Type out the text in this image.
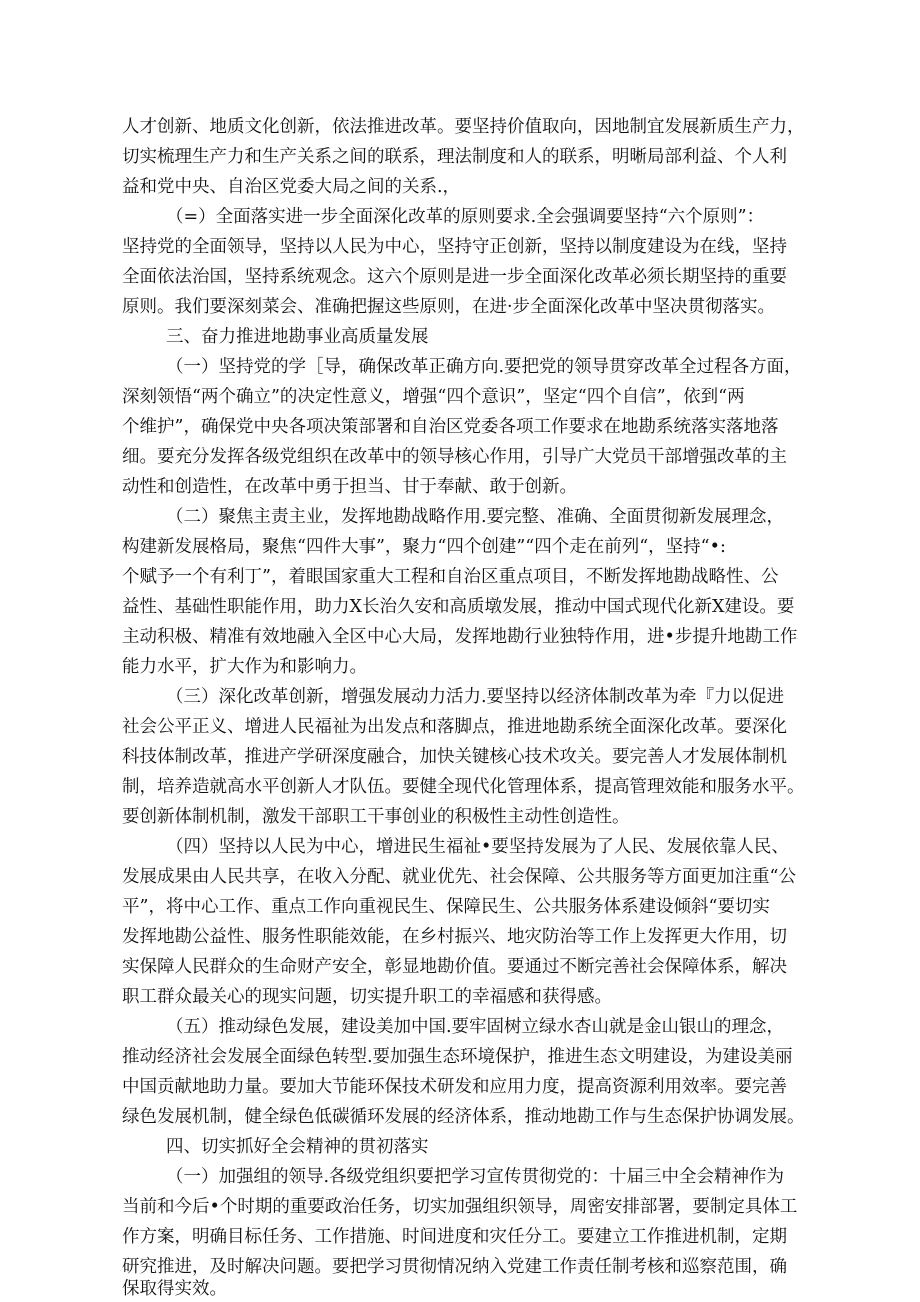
人才创新、地质文化创新，依法推进改革。要坚持价值取向，因地制宜发展新质生产力，
切实梳理生产力和生产关系之间的联系，理法制度和人的联系，明晰局部利益、个人利
益和党中央、自治区党委大局之间的关系.，
（=）全面落实进一步全面深化改革的原则要求.全会强调要坚持“六个原则”：
坚持党的全面领导，坚持以人民为中心，坚持守正创新，坚持以制度建设为在线，坚持
全面依法治国，坚持系统观念。这六个原则是进一步全面深化改革必须长期坚持的重要
原则。我们要深刻菜会、准确把握这些原则，在进·步全面深化改革中坚决贯彻落实。
三、奋力推进地勘事业高质量发展
（一）坚持党的学［导，确保改革正确方向.要把党的领导贯穿改革全过程各方面，
深刻领悟“两个确立”的决定性意义，增强“四个意识”，坚定“四个自信”，依到“两
个维护”，确保党中央各项决策部署和自治区党委各项工作要求在地勘系统落实落地落
细。要充分发挥各级党组织在改革中的领导核心作用，引导广大党员干部增强改革的主
动性和创造性，在改革中勇于担当、甘于奉献、敢于创新。
（二）聚焦主责主业，发挥地勘战略作用.要完整、准确、全面贯彻新发展理念，
构建新发展格局，聚焦“四件大事”，聚力“四个创建”“四个走在前列“，坚持“•:
个赋予一个有利丁”，着眼国家重大工程和自治区重点项目，不断发挥地勘战略性、公
益性、基础性职能作用，助力X长治久安和高质墩发展，推动中国式现代化新X建设。要
主动积极、精准有效地融入全区中心大局，发挥地勘行业独特作用，进•步提升地勘工作
能力水平，扩大作为和影响力。
（三）深化改革创新，增强发展动力活力.要坚持以经济体制改革为牵『力以促进
社会公平正义、增进人民福祉为出发点和落脚点，推进地勘系统全面深化改革。要深化
科技体制改革，推进产学研深度融合，加快关键核心技术攻关。要完善人才发展体制机
制，培养造就高水平创新人才队伍。要健全现代化管理体系，提高管理效能和服务水平。
要创新体制机制，激发干部职工干事创业的积极性主动性创造性。
（四）坚持以人民为中心，增进民生福祉•要坚持发展为了人民、发展依靠人民、
发展成果由人民共享，在收入分配、就业优先、社会保障、公共服务等方面更加注重“公
平”，将中心工作、重点工作向重视民生、保障民生、公共服务体系建设倾斜“要切实
发挥地勘公益性、服务性职能效能，在乡村振兴、地灾防治等工作上发挥更大作用，切
实保障人民群众的生命财产安全，彰显地勘价值。要通过不断完善社会保障体系，解决
职工群众最关心的现实问题，切实提升职工的幸福感和获得感。
（五）推动绿色发展，建设美加中国.要牢固树立绿水杏山就是金山银山的理念，
推动经济社会发展全面绿色转型.要加强生态环境保护，推进生态文明建设，为建设美丽
中国贡献地助力量。要加大节能环保技术研发和应用力度，提高资源利用效率。要完善
绿色发展机制，健全绿色低碳循环发展的经济体系，推动地勘工作与生态保护协调发展。
四、切实抓好全会精神的贯初落实
（一）加强组的领导.各级党组织要把学习宣传贯彻党的：十届三中全会精神作为
当前和今后•个时期的重要政治任务，切实加强组织领导，周密安排部署，要制定具体工
作方案，明确目标任务、工作措施、时间进度和灾任分工。要建立工作推进机制，定期
研究推进，及时解决问题。要把学习贯彻情况纳入党建工作责任制考核和巡察范围，确
保取得实效。
